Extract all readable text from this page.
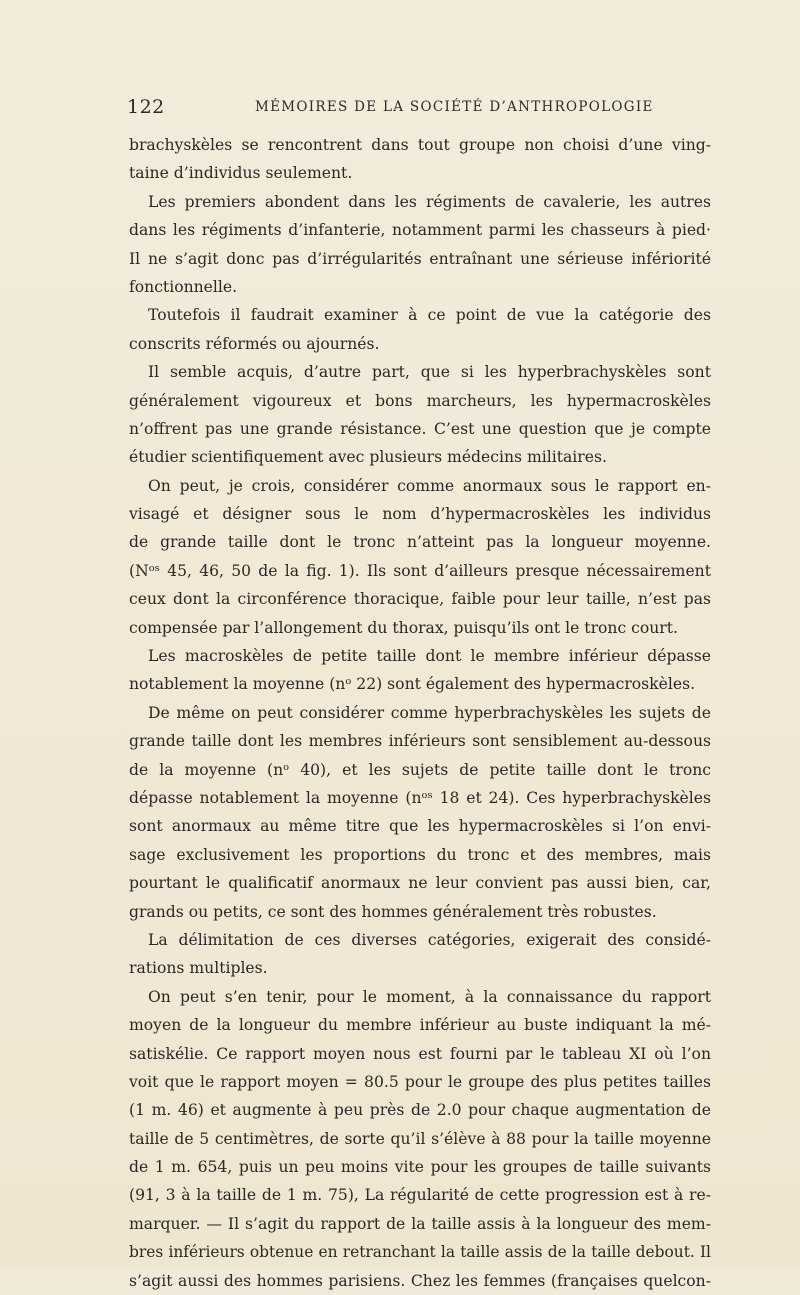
122	MÉMOIRES DE LA SOCIÉTÉ D’ANTHROPOLOGIE
brachyskèles se rencontrent dans tout groupe non choisi d’une ving-
taine d’individus seulement.
Les premiers abondent dans les régiments de cavalerie, les autres
dans les régiments d’infanterie, notamment parmi les chasseurs à pied·
Il ne s’agit donc pas d’irrégularités entraînant une sérieuse infériorité
fonctionnelle.
Toutefois il faudrait examiner à ce point de vue la catégorie des
conscrits réformés ou ajournés.
Il semble acquis, d’autre part, que si les hyperbrachyskèles sont
généralement vigoureux et bons marcheurs, les hypermacroskèles
n’offrent pas une grande résistance. C’est une question que je compte
étudier scientifiquement avec plusieurs médecins militaires.
On peut, je crois, considérer comme anormaux sous le rapport en-
visagé et désigner sous le nom d’hypermacroskèles les individus
de grande taille dont le tronc n’atteint pas la longueur moyenne.
(Nᵒˢ 45, 46, 50 de la fig. 1). Ils sont d’ailleurs presque nécessairement
ceux dont la circonférence thoracique, faible pour leur taille, n’est pas
compensée par l’allongement du thorax, puisqu’ils ont le tronc court.
Les macroskèles de petite taille dont le membre inférieur dépasse
notablement la moyenne (nᵒ 22) sont également des hypermacroskèles.
De même on peut considérer comme hyperbrachyskèles les sujets de
grande taille dont les membres inférieurs sont sensiblement au-dessous
de la moyenne (nᵒ 40), et les sujets de petite taille dont le tronc
dépasse notablement la moyenne (nᵒˢ 18 et 24). Ces hyperbrachyskèles
sont anormaux au même titre que les hypermacroskèles si l’on envi-
sage exclusivement les proportions du tronc et des membres, mais
pourtant le qualificatif anormaux ne leur convient pas aussi bien, car,
grands ou petits, ce sont des hommes généralement très robustes.
La délimitation de ces diverses catégories, exigerait des considé-
rations multiples.
On peut s’en tenir, pour le moment, à la connaissance du rapport
moyen de la longueur du membre inférieur au buste indiquant la mé-
satiskélie. Ce rapport moyen nous est fourni par le tableau XI où l’on
voit que le rapport moyen = 80.5 pour le groupe des plus petites tailles
(1 m. 46) et augmente à peu près de 2.0 pour chaque augmentation de
taille de 5 centimètres, de sorte qu’il s’élève à 88 pour la taille moyenne
de 1 m. 654, puis un peu moins vite pour les groupes de taille suivants
(91, 3 à la taille de 1 m. 75), La régularité de cette progression est à re-
marquer. — Il s’agit du rapport de la taille assis à la longueur des mem-
bres inférieurs obtenue en retranchant la taille assis de la taille debout. Il
s’agit aussi des hommes parisiens. Chez les femmes (françaises quelcon-
